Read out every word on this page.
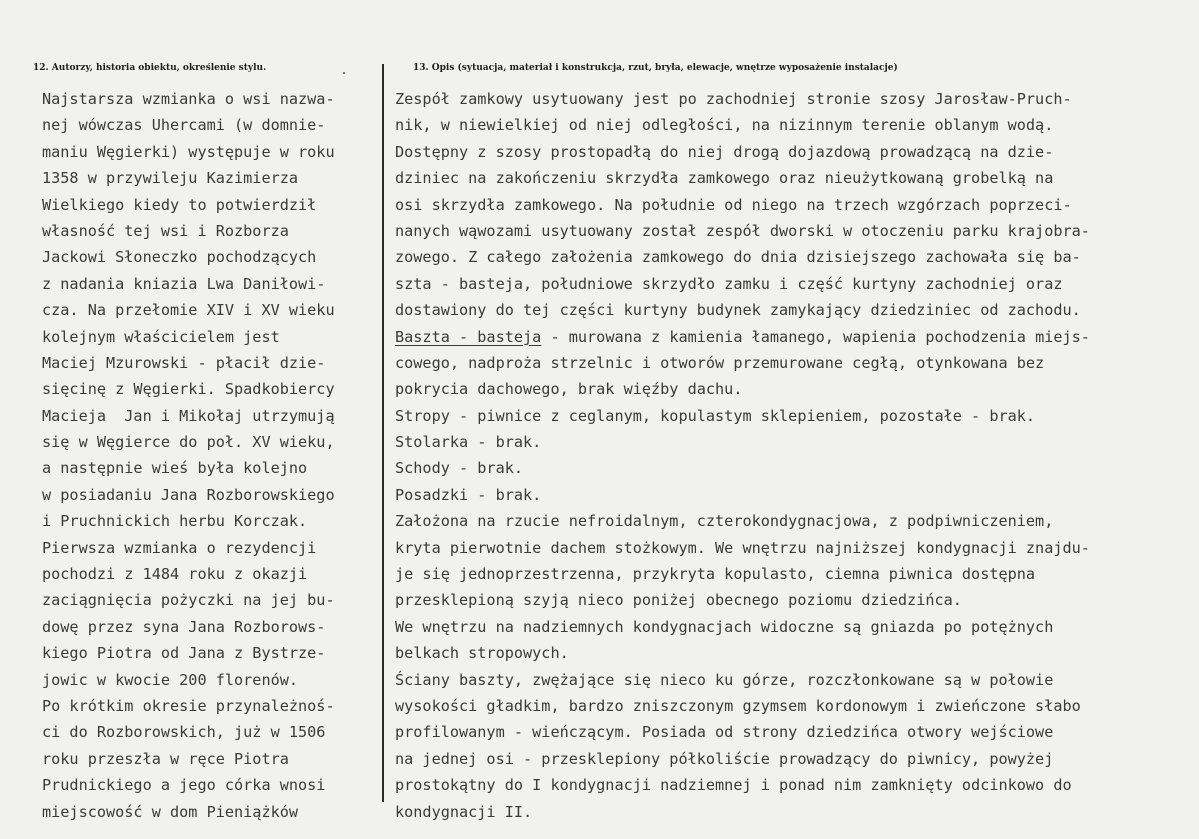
12. Autorzy, historia obiektu, określenie stylu.	13. Opis (sytuacja, materiał i konstrukcja, rzut, bryła, elewacje, wnętrze wyposażenie instalacje)
Najstarsza wzmianka o wsi nazwa-
nej wówczas Uhercami (w domnie-
maniu Węgierki) występuje w roku
1358 w przywileju Kazimierza
Wielkiego kiedy to potwierdził
własność tej wsi i Rozborza
Jackowi Słoneczko pochodzących
z nadania kniazia Lwa Daniłowi-
cza. Na przełomie XIV i XV wieku
kolejnym właścicielem jest
Maciej Mzurowski - płacił dzie-
sięcinę z Węgierki. Spadkobiercy
Macieja  Jan i Mikołaj utrzymują
się w Węgierce do poł. XV wieku,
a następnie wieś była kolejno
w posiadaniu Jana Rozborowskiego
i Pruchnickich herbu Korczak.
Pierwsza wzmianka o rezydencji
pochodzi z 1484 roku z okazji
zaciągnięcia pożyczki na jej bu-
dowę przez syna Jana Rozborows-
kiego Piotra od Jana z Bystrze-
jowic w kwocie 200 florenów.
Po krótkim okresie przynależnoś-
ci do Rozborowskich, już w 1506
roku przeszła w ręce Piotra
Prudnickiego a jego córka wnosi
miejscowość w dom Pieniążków
Zespół zamkowy usytuowany jest po zachodniej stronie szosy Jarosław-Pruch-
nik, w niewielkiej od niej odległości, na nizinnym terenie oblanym wodą.
Dostępny z szosy prostopadłą do niej drogą dojazdową prowadzącą na dzie-
dziniec na zakończeniu skrzydła zamkowego oraz nieużytkowaną grobelką na
osi skrzydła zamkowego. Na południe od niego na trzech wzgórzach poprzeci-
nanych wąwozami usytuowany został zespół dworski w otoczeniu parku krajobra-
zowego. Z całego założenia zamkowego do dnia dzisiejszego zachowała się ba-
szta - basteja, południowe skrzydło zamku i część kurtyny zachodniej oraz
dostawiony do tej części kurtyny budynek zamykający dziedziniec od zachodu.
Baszta - basteja - murowana z kamienia łamanego, wapienia pochodzenia miejs-
cowego, nadproża strzelnic i otworów przemurowane cegłą, otynkowana bez
pokrycia dachowego, brak więźby dachu.
Stropy - piwnice z ceglanym, kopulastym sklepieniem, pozostałe - brak.
Stolarka - brak.
Schody - brak.
Posadzki - brak.
Założona na rzucie nefroidalnym, czterokondygnacjowa, z podpiwniczeniem,
kryta pierwotnie dachem stożkowym. We wnętrzu najniższej kondygnacji znajdu-
je się jednoprzestrzenna, przykryta kopulasto, ciemna piwnica dostępna
przesklepioną szyją nieco poniżej obecnego poziomu dziedzińca.
We wnętrzu na nadziemnych kondygnacjach widoczne są gniazda po potężnych
belkach stropowych.
Ściany baszty, zwężające się nieco ku górze, rozczłonkowane są w połowie
wysokości gładkim, bardzo zniszczonym gzymsem kordonowym i zwieńczone słabo
profilowanym - wieńczącym. Posiada od strony dziedzińca otwory wejściowe
na jednej osi - przesklepiony półkoliście prowadzący do piwnicy, powyżej
prostokątny do I kondygnacji nadziemnej i ponad nim zamknięty odcinkowo do
kondygnacji II.
